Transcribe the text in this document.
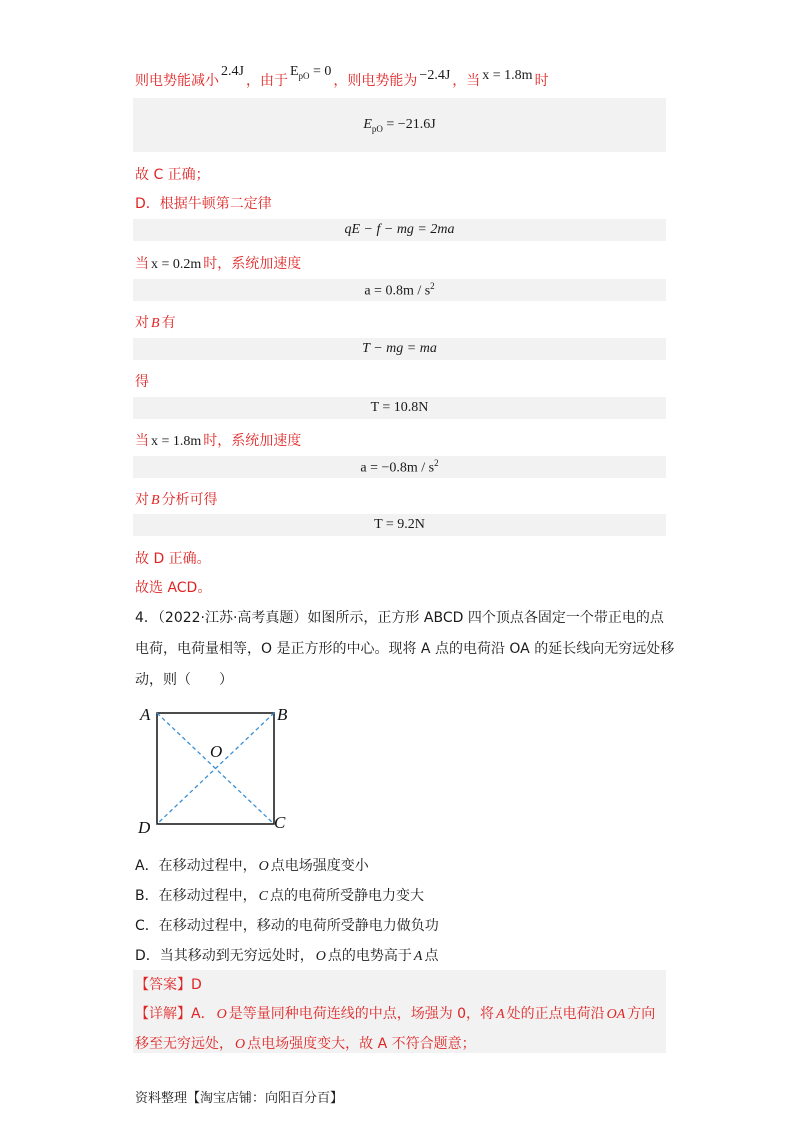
则电势能减小
2.4J
，由于
$E_{pO} = 0$
，则电势能为 −2.4J ，当 x = 1.8m 时
$E_{pO} = -21.6J$
故 C 正确；
D．根据牛顿第二定律
qE − f − mg = 2ma
当 x = 0.2m 时，系统加速度
$a = 0.8m / s^2$
对 B 有
T − mg = ma
得
T = 10.8N
当 x = 1.8m 时，系统加速度
$a = -0.8m / s^2$
对 B 分析可得
T = 9.2N
故 D 正确。
故选 ACD。
4．（2022·江苏·高考真题）如图所示，正方形 ABCD 四个顶点各固定一个带正电的点
电荷，电荷量相等，O 是正方形的中心。现将 A 点的电荷沿 OA 的延长线向无穷远处移
动，则（　　）
A	B
C
D
O
A．在移动过程中， O 点电场强度变小
B．在移动过程中， C 点的电荷所受静电力变大
C．在移动过程中，移动的电荷所受静电力做负功
D．当其移动到无穷远处时， O 点的电势高于 A 点
【答案】 D
【详解】 A． O 是等量同种电荷连线的中点，场强为 0，将 A 处的正点电荷沿 OA 方向
移至无穷远处， O 点电场强度变大，故 A 不符合题意；
资料整理【淘宝店铺：向阳百分百】
